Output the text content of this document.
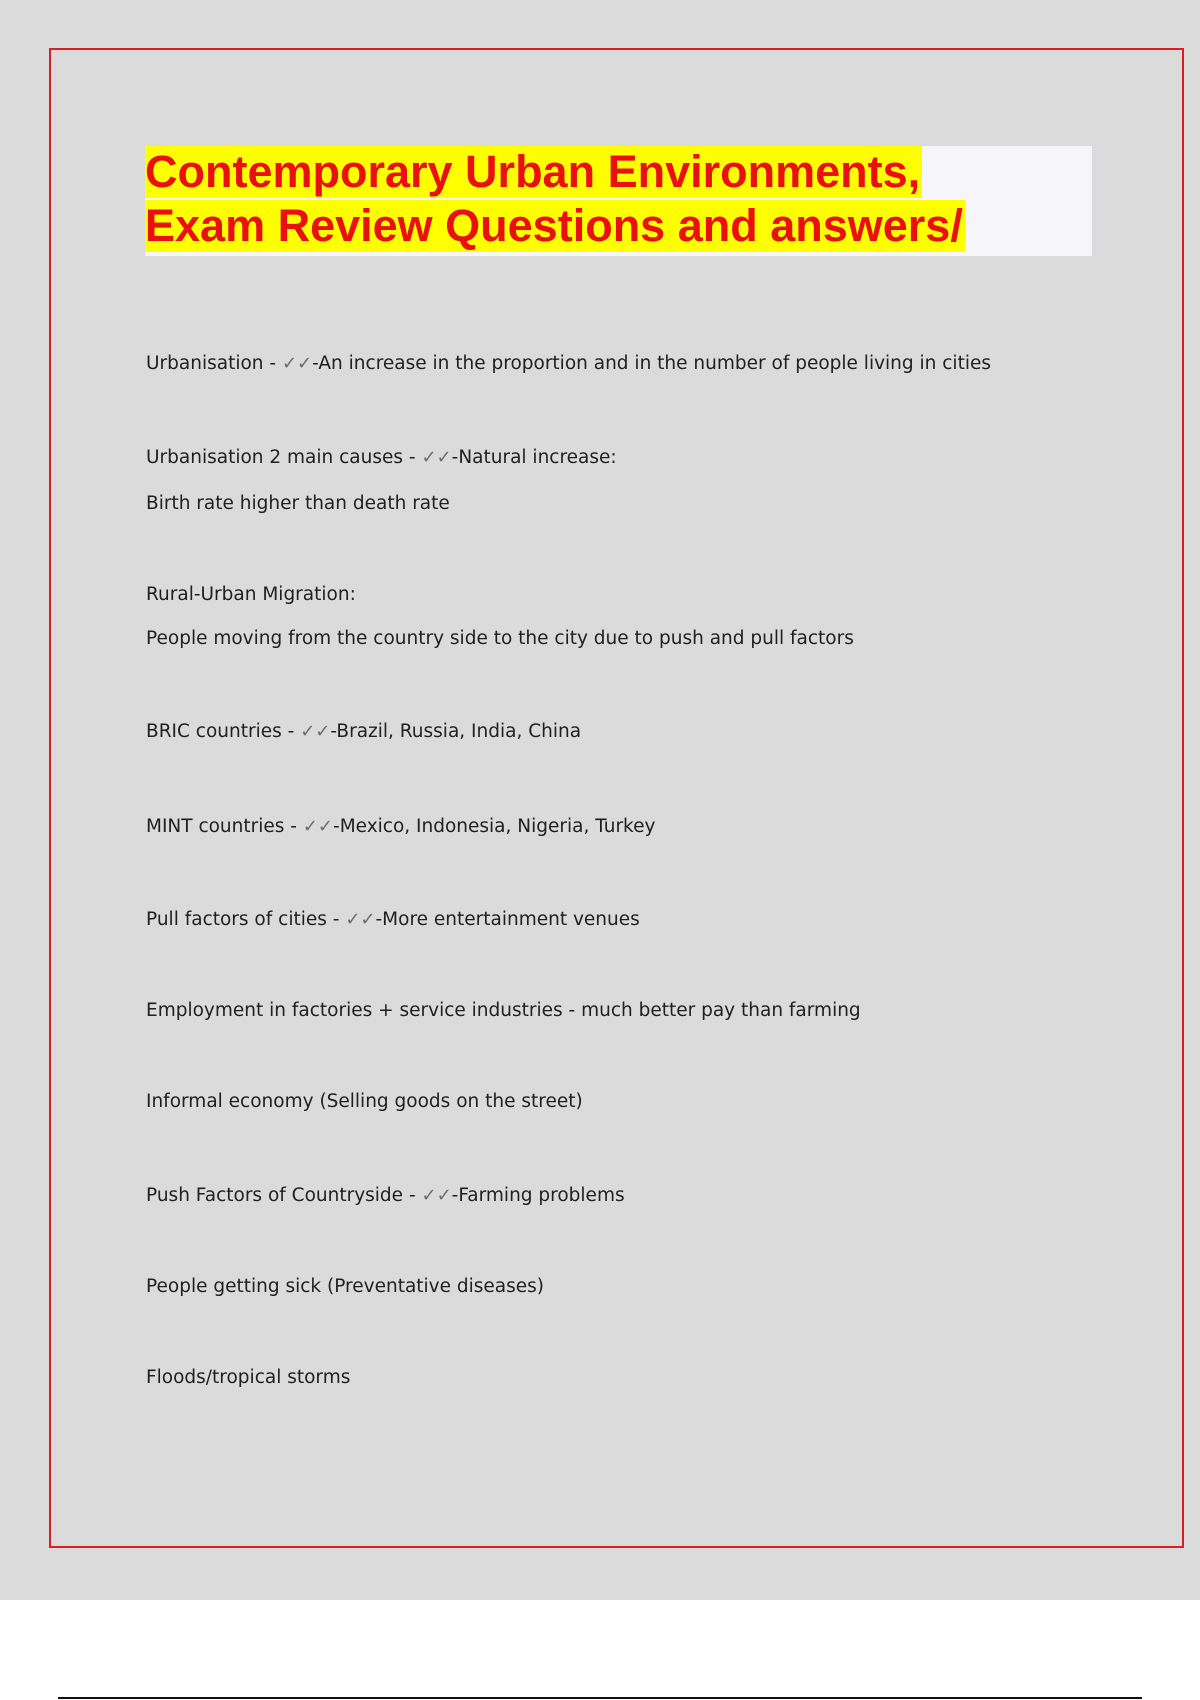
Contemporary Urban Environments,
Exam Review Questions and answers/
Urbanisation - ✓✓-An increase in the proportion and in the number of people living in cities
Urbanisation 2 main causes - ✓✓-Natural increase:
Birth rate higher than death rate
Rural-Urban Migration:
People moving from the country side to the city due to push and pull factors
BRIC countries - ✓✓-Brazil, Russia, India, China
MINT countries - ✓✓-Mexico, Indonesia, Nigeria, Turkey
Pull factors of cities - ✓✓-More entertainment venues
Employment in factories + service industries - much better pay than farming
Informal economy (Selling goods on the street)
Push Factors of Countryside - ✓✓-Farming problems
People getting sick (Preventative diseases)
Floods/tropical storms
